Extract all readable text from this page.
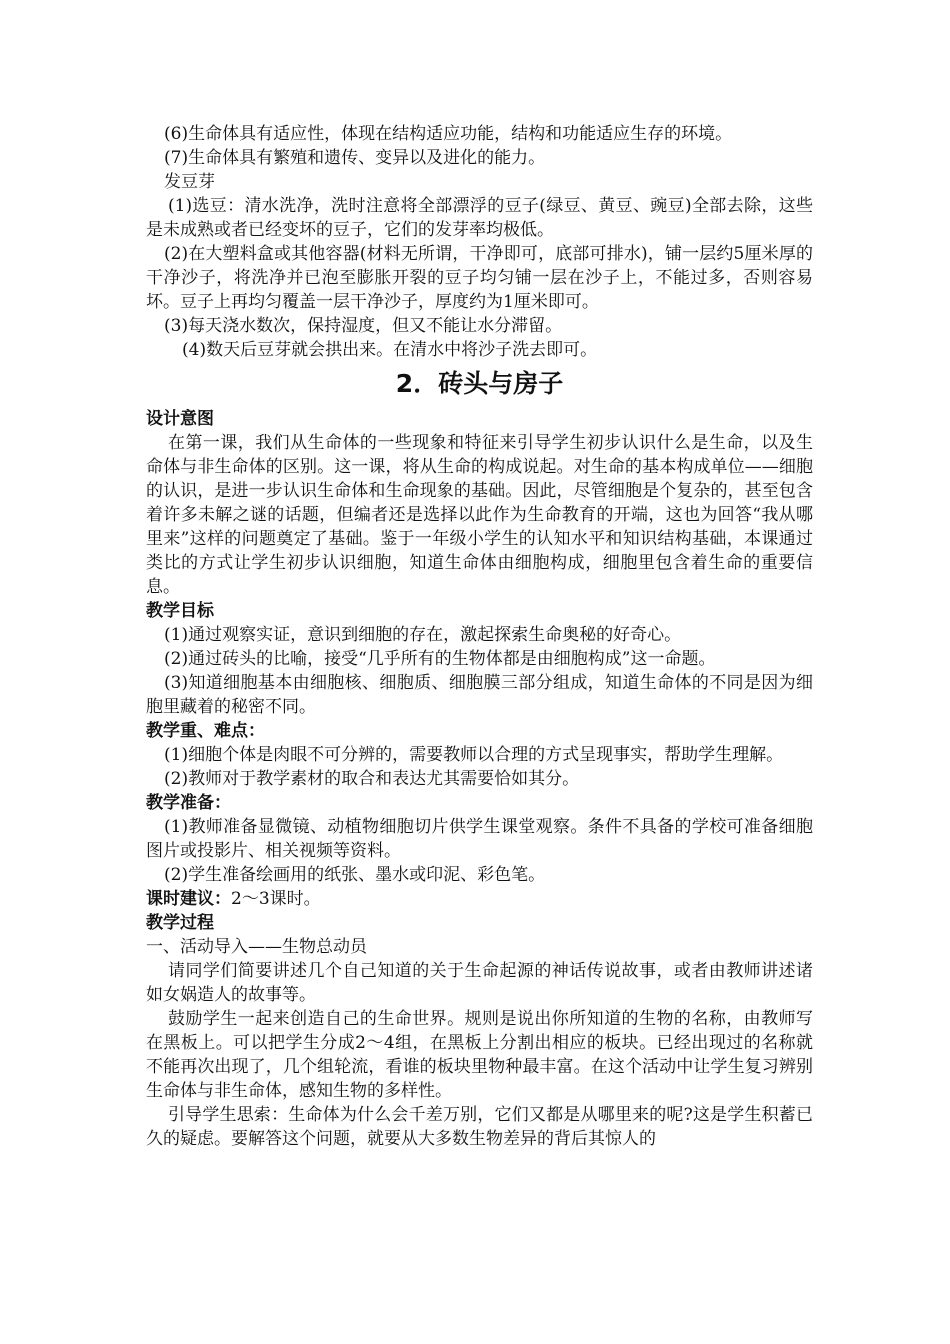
(6)生命体具有适应性，体现在结构适应功能，结构和功能适应生存的环境。

(7)生命体具有繁殖和遗传、变异以及进化的能力。

发豆芽

(1)选豆：清水洗净，洗时注意将全部漂浮的豆子(绿豆、黄豆、豌豆)全部去除，这些是未成熟或者已经变坏的豆子，它们的发芽率均极低。

(2)在大塑料盒或其他容器(材料无所谓，干净即可，底部可排水)，铺一层约5厘米厚的干净沙子，将洗净并已泡至膨胀开裂的豆子均匀铺一层在沙子上，不能过多，否则容易坏。豆子上再均匀覆盖一层干净沙子，厚度约为1厘米即可。

(3)每天浇水数次，保持湿度，但又不能让水分滞留。

(4)数天后豆芽就会拱出来。在清水中将沙子洗去即可。

2．砖头与房子

设计意图

在第一课，我们从生命体的一些现象和特征来引导学生初步认识什么是生命，以及生命体与非生命体的区别。这一课，将从生命的构成说起。对生命的基本构成单位——细胞的认识，是进一步认识生命体和生命现象的基础。因此，尽管细胞是个复杂的，甚至包含着许多未解之谜的话题，但编者还是选择以此作为生命教育的开端，这也为回答“我从哪里来”这样的问题奠定了基础。鉴于一年级小学生的认知水平和知识结构基础，本课通过类比的方式让学生初步认识细胞，知道生命体由细胞构成，细胞里包含着生命的重要信息。

教学目标

(1)通过观察实证，意识到细胞的存在，激起探索生命奥秘的好奇心。

(2)通过砖头的比喻，接受“几乎所有的生物体都是由细胞构成”这一命题。

(3)知道细胞基本由细胞核、细胞质、细胞膜三部分组成，知道生命体的不同是因为细胞里藏着的秘密不同。

教学重、难点：

(1)细胞个体是肉眼不可分辨的，需要教师以合理的方式呈现事实，帮助学生理解。

(2)教师对于教学素材的取合和表达尤其需要恰如其分。

教学准备：

(1)教师准备显微镜、动植物细胞切片供学生课堂观察。条件不具备的学校可准备细胞图片或投影片、相关视频等资料。

(2)学生准备绘画用的纸张、墨水或印泥、彩色笔。

课时建议：2～3课时。

教学过程

一、活动导入——生物总动员

请同学们简要讲述几个自己知道的关于生命起源的神话传说故事，或者由教师讲述诸如女娲造人的故事等。

鼓励学生一起来创造自己的生命世界。规则是说出你所知道的生物的名称，由教师写在黑板上。可以把学生分成2～4组，在黑板上分割出相应的板块。已经出现过的名称就不能再次出现了，几个组轮流，看谁的板块里物种最丰富。在这个活动中让学生复习辨别生命体与非生命体，感知生物的多样性。

引导学生思索：生命体为什么会千差万别，它们又都是从哪里来的呢?这是学生积蓄已久的疑虑。要解答这个问题，就要从大多数生物差异的背后其惊人的
